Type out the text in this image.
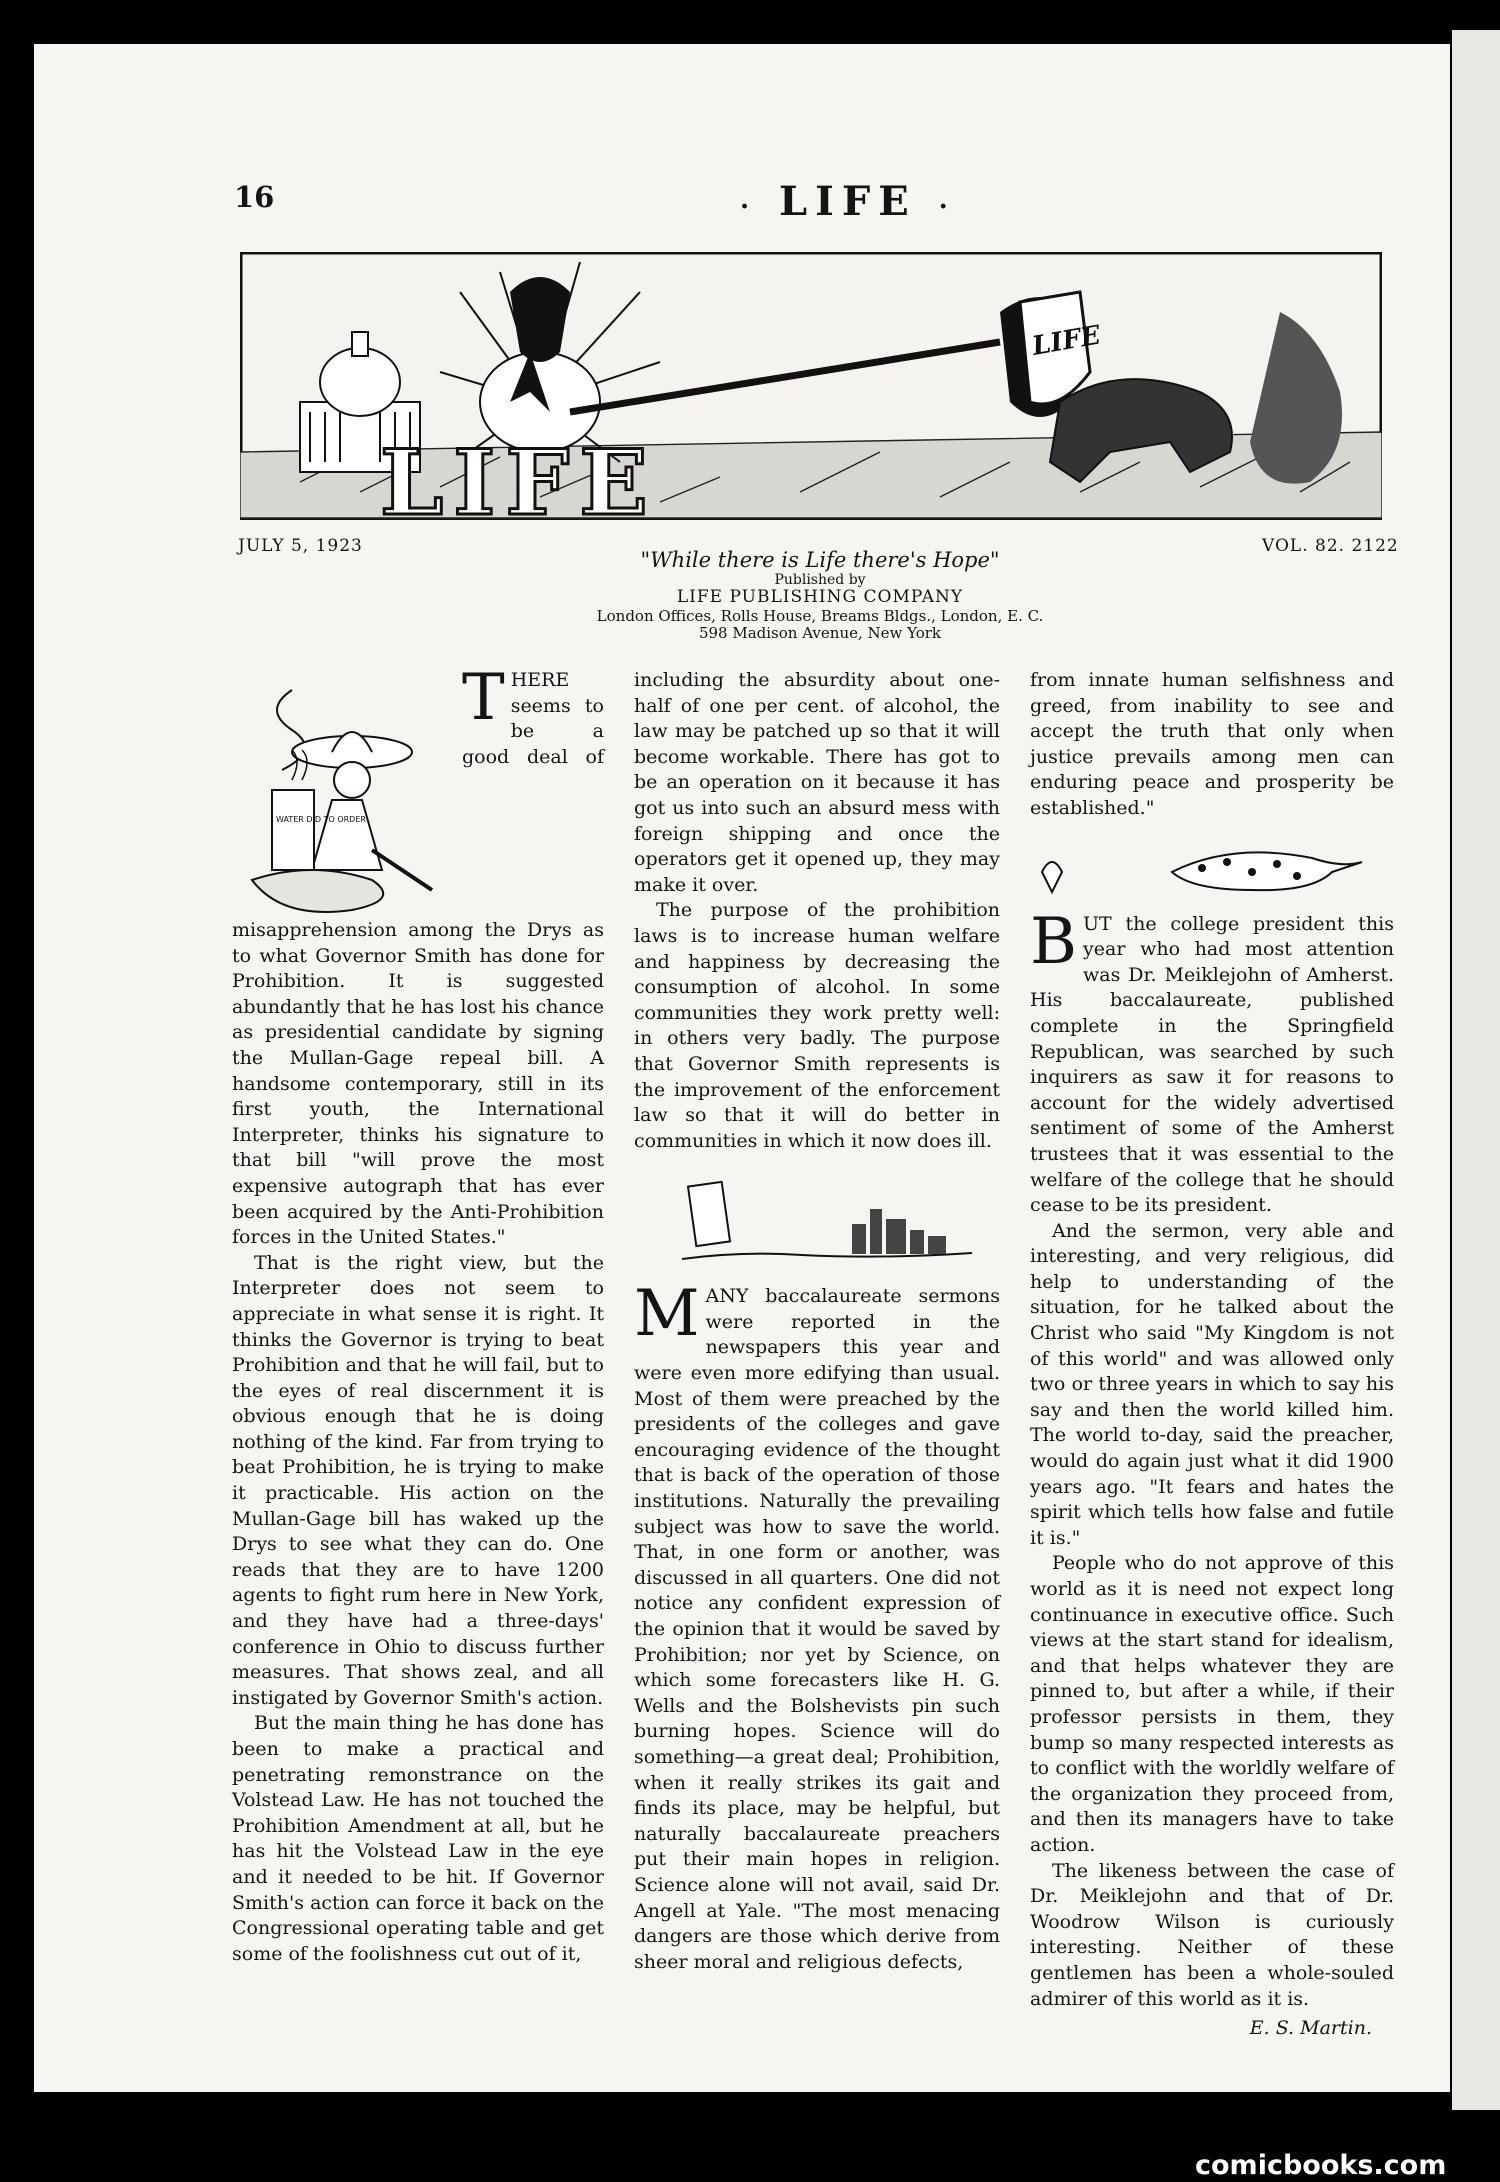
16	· LIFE ·
LIFE
LIFE
JULY 5, 1923	VOL. 82. 2122
"While there is Life there's Hope"
Published by
LIFE PUBLISHING COMPANY
London Offices, Rolls House, Breams Bldgs., London, E. C.
598 Madison Avenue, New York
WATER DID TO ORDER

THERE seems to be a good deal of misapprehension among the Drys as to what Governor Smith has done for Prohibition. It is suggested abundantly that he has lost his chance as presidential candidate by signing the Mullan-Gage repeal bill. A handsome contemporary, still in its first youth, the International Interpreter, thinks his signature to that bill "will prove the most expensive autograph that has ever been acquired by the Anti-Prohibition forces in the United States."

That is the right view, but the Interpreter does not seem to appreciate in what sense it is right. It thinks the Governor is trying to beat Prohibition and that he will fail, but to the eyes of real discernment it is obvious enough that he is doing nothing of the kind. Far from trying to beat Prohibition, he is trying to make it practicable. His action on the Mullan-Gage bill has waked up the Drys to see what they can do. One reads that they are to have 1200 agents to fight rum here in New York, and they have had a three-days' conference in Ohio to discuss further measures. That shows zeal, and all instigated by Governor Smith's action.

But the main thing he has done has been to make a practical and penetrating remonstrance on the Volstead Law. He has not touched the Prohibition Amendment at all, but he has hit the Volstead Law in the eye and it needed to be hit. If Governor Smith's action can force it back on the Congressional operating table and get some of the foolishness cut out of it,

including the absurdity about one-half of one per cent. of alcohol, the law may be patched up so that it will become workable. There has got to be an operation on it because it has got us into such an absurd mess with foreign shipping and once the operators get it opened up, they may make it over.

The purpose of the prohibition laws is to increase human welfare and happiness by decreasing the consumption of alcohol. In some communities they work pretty well: in others very badly. The purpose that Governor Smith represents is the improvement of the enforcement law so that it will do better in communities in which it now does ill.

MANY baccalaureate sermons were reported in the newspapers this year and were even more edifying than usual. Most of them were preached by the presidents of the colleges and gave encouraging evidence of the thought that is back of the operation of those institutions. Naturally the prevailing subject was how to save the world. That, in one form or another, was discussed in all quarters. One did not notice any confident expression of the opinion that it would be saved by Prohibition; nor yet by Science, on which some forecasters like H. G. Wells and the Bolshevists pin such burning hopes. Science will do something—a great deal; Prohibition, when it really strikes its gait and finds its place, may be helpful, but naturally baccalaureate preachers put their main hopes in religion. Science alone will not avail, said Dr. Angell at Yale. "The most menacing dangers are those which derive from sheer moral and religious defects,

from innate human selfishness and greed, from inability to see and accept the truth that only when justice prevails among men can enduring peace and prosperity be established."

BUT the college president this year who had most attention was Dr. Meiklejohn of Amherst. His baccalaureate, published complete in the Springfield Republican, was searched by such inquirers as saw it for reasons to account for the widely advertised sentiment of some of the Amherst trustees that it was essential to the welfare of the college that he should cease to be its president.

And the sermon, very able and interesting, and very religious, did help to understanding of the situation, for he talked about the Christ who said "My Kingdom is not of this world" and was allowed only two or three years in which to say his say and then the world killed him. The world to-day, said the preacher, would do again just what it did 1900 years ago. "It fears and hates the spirit which tells how false and futile it is."

People who do not approve of this world as it is need not expect long continuance in executive office. Such views at the start stand for idealism, and that helps whatever they are pinned to, but after a while, if their professor persists in them, they bump so many respected interests as to conflict with the worldly welfare of the organization they proceed from, and then its managers have to take action.

The likeness between the case of Dr. Meiklejohn and that of Dr. Woodrow Wilson is curiously interesting. Neither of these gentlemen has been a whole-souled admirer of this world as it is.

E. S. Martin.
comicbooks.com
